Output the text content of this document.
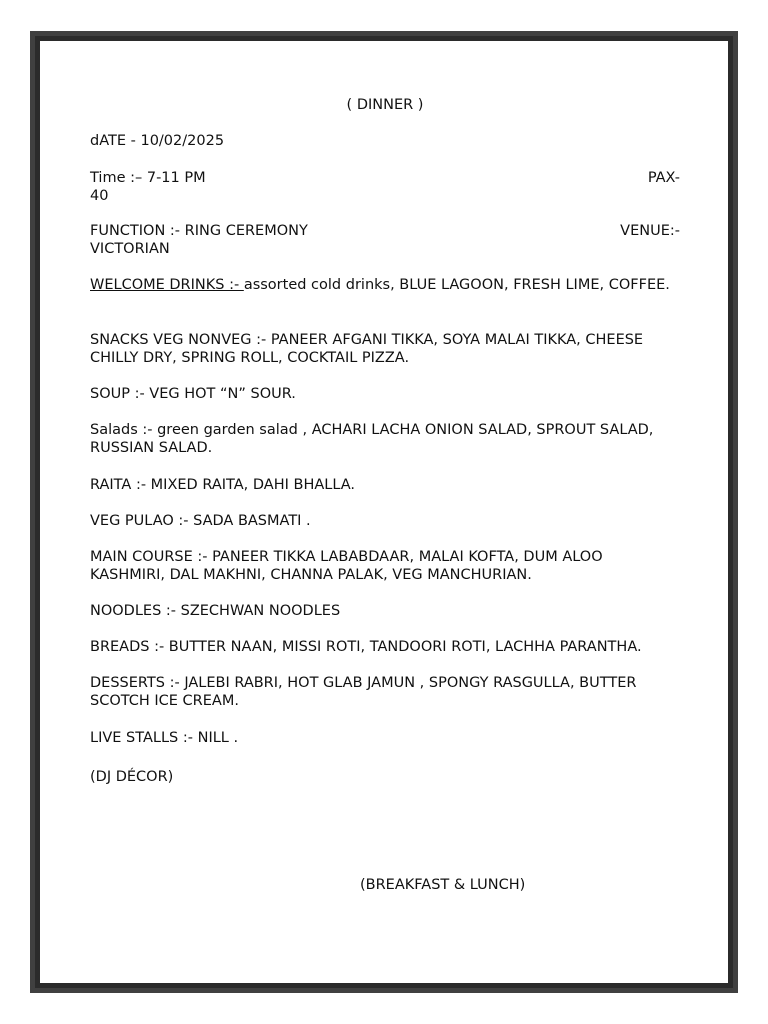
( DINNER )
dATE - 10/02/2025
Time :– 7-11 PM	PAX-
40
FUNCTION :- RING CEREMONY	VENUE:-
VICTORIAN
WELCOME DRINKS :- assorted cold drinks, BLUE LAGOON, FRESH LIME, COFFEE.
SNACKS VEG NONVEG :- PANEER AFGANI TIKKA, SOYA MALAI TIKKA, CHEESE CHILLY DRY, SPRING ROLL, COCKTAIL PIZZA.
SOUP :- VEG HOT “N” SOUR.
Salads :- green garden salad , ACHARI LACHA ONION SALAD, SPROUT SALAD, RUSSIAN SALAD.
RAITA :- MIXED RAITA, DAHI BHALLA.
VEG PULAO :- SADA BASMATI .
MAIN COURSE :- PANEER TIKKA LABABDAAR, MALAI KOFTA, DUM ALOO KASHMIRI, DAL MAKHNI, CHANNA PALAK, VEG MANCHURIAN.
NOODLES :- SZECHWAN NOODLES
BREADS :- BUTTER NAAN, MISSI ROTI, TANDOORI ROTI, LACHHA PARANTHA.
DESSERTS :- JALEBI RABRI, HOT GLAB JAMUN , SPONGY RASGULLA, BUTTER SCOTCH ICE CREAM.
LIVE STALLS :- NILL .
(DJ DÉCOR)
(BREAKFAST & LUNCH)
